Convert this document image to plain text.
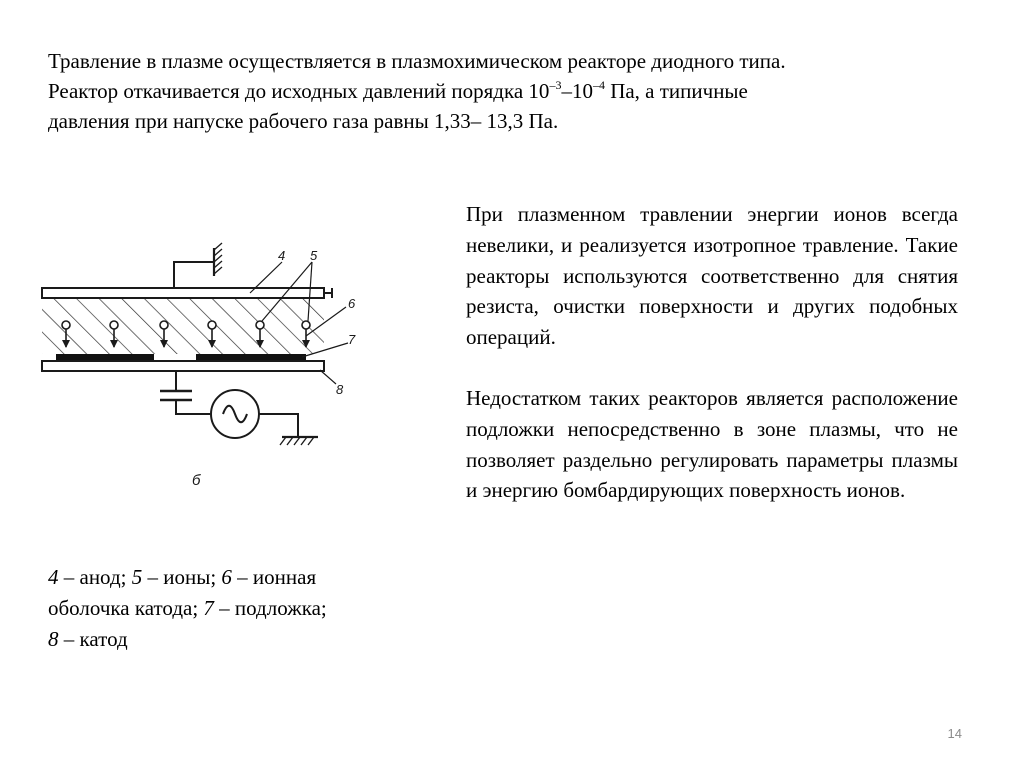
Травление в плазме осуществляется в плазмохимическом реакторе диодного типа.
Реактор откачивается до исходных давлений порядка $10^{-3}-10^{-4}$ Па, а типичные
давления при напуске рабочего газа равны 1,33– 13,3 Па.

При плазменном травлении энергии ионов всегда невелики, и реализуется изотропное травление. Такие реакторы используются соответственно для снятия резиста, очистки поверхности и других подобных операций.

Недостатком таких реакторов является расположение подложки непосредственно в зоне плазмы, что не позволяет раздельно регулировать параметры плазмы и энергию бомбардирующих поверхность ионов.

4 5
6
7
8
б
4 – анод; 5 – ионы; 6 – ионная
оболочка катода; 7 – подложка;
8 – катод
14
